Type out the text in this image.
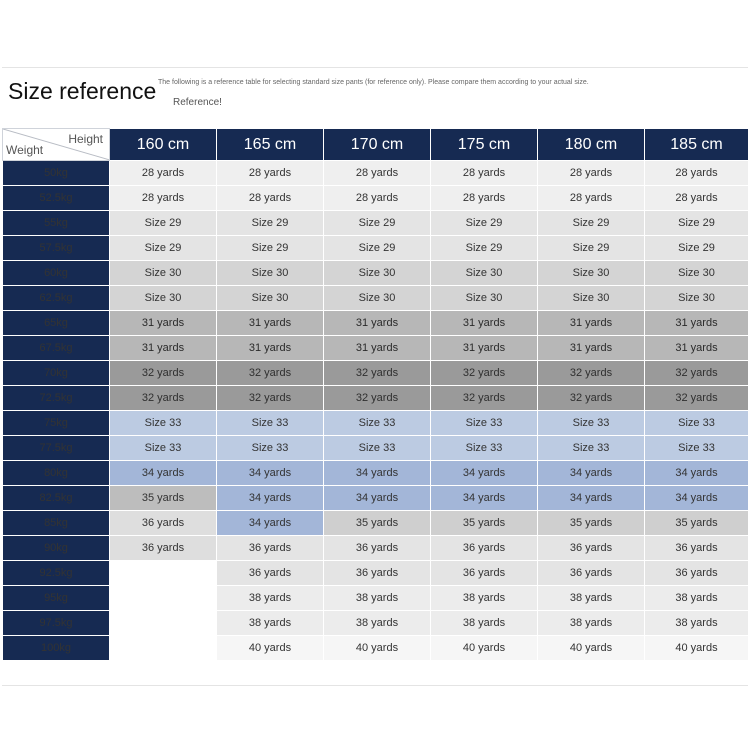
Size reference The following is a reference table for selecting standard size pants (for reference only). Please compare them according to your actual size.
Reference!
Height
Weight	160 cm	165 cm	170 cm	175 cm	180 cm	185 cm
50kg	28 yards	28 yards	28 yards	28 yards	28 yards	28 yards
52.5kg	28 yards	28 yards	28 yards	28 yards	28 yards	28 yards
55kg	Size 29	Size 29	Size 29	Size 29	Size 29	Size 29
57.5kg	Size 29	Size 29	Size 29	Size 29	Size 29	Size 29
60kg	Size 30	Size 30	Size 30	Size 30	Size 30	Size 30
62.5kg	Size 30	Size 30	Size 30	Size 30	Size 30	Size 30
65kg	31 yards	31 yards	31 yards	31 yards	31 yards	31 yards
67.5kg	31 yards	31 yards	31 yards	31 yards	31 yards	31 yards
70kg	32 yards	32 yards	32 yards	32 yards	32 yards	32 yards
72.5kg	32 yards	32 yards	32 yards	32 yards	32 yards	32 yards
75kg	Size 33	Size 33	Size 33	Size 33	Size 33	Size 33
77.5kg	Size 33	Size 33	Size 33	Size 33	Size 33	Size 33
80kg	34 yards	34 yards	34 yards	34 yards	34 yards	34 yards
82.5kg	35 yards	34 yards	34 yards	34 yards	34 yards	34 yards
85kg	36 yards	34 yards	35 yards	35 yards	35 yards	35 yards
90kg	36 yards	36 yards	36 yards	36 yards	36 yards	36 yards
92.5kg		36 yards	36 yards	36 yards	36 yards	36 yards
95kg		38 yards	38 yards	38 yards	38 yards	38 yards
97.5kg		38 yards	38 yards	38 yards	38 yards	38 yards
100kg		40 yards	40 yards	40 yards	40 yards	40 yards
